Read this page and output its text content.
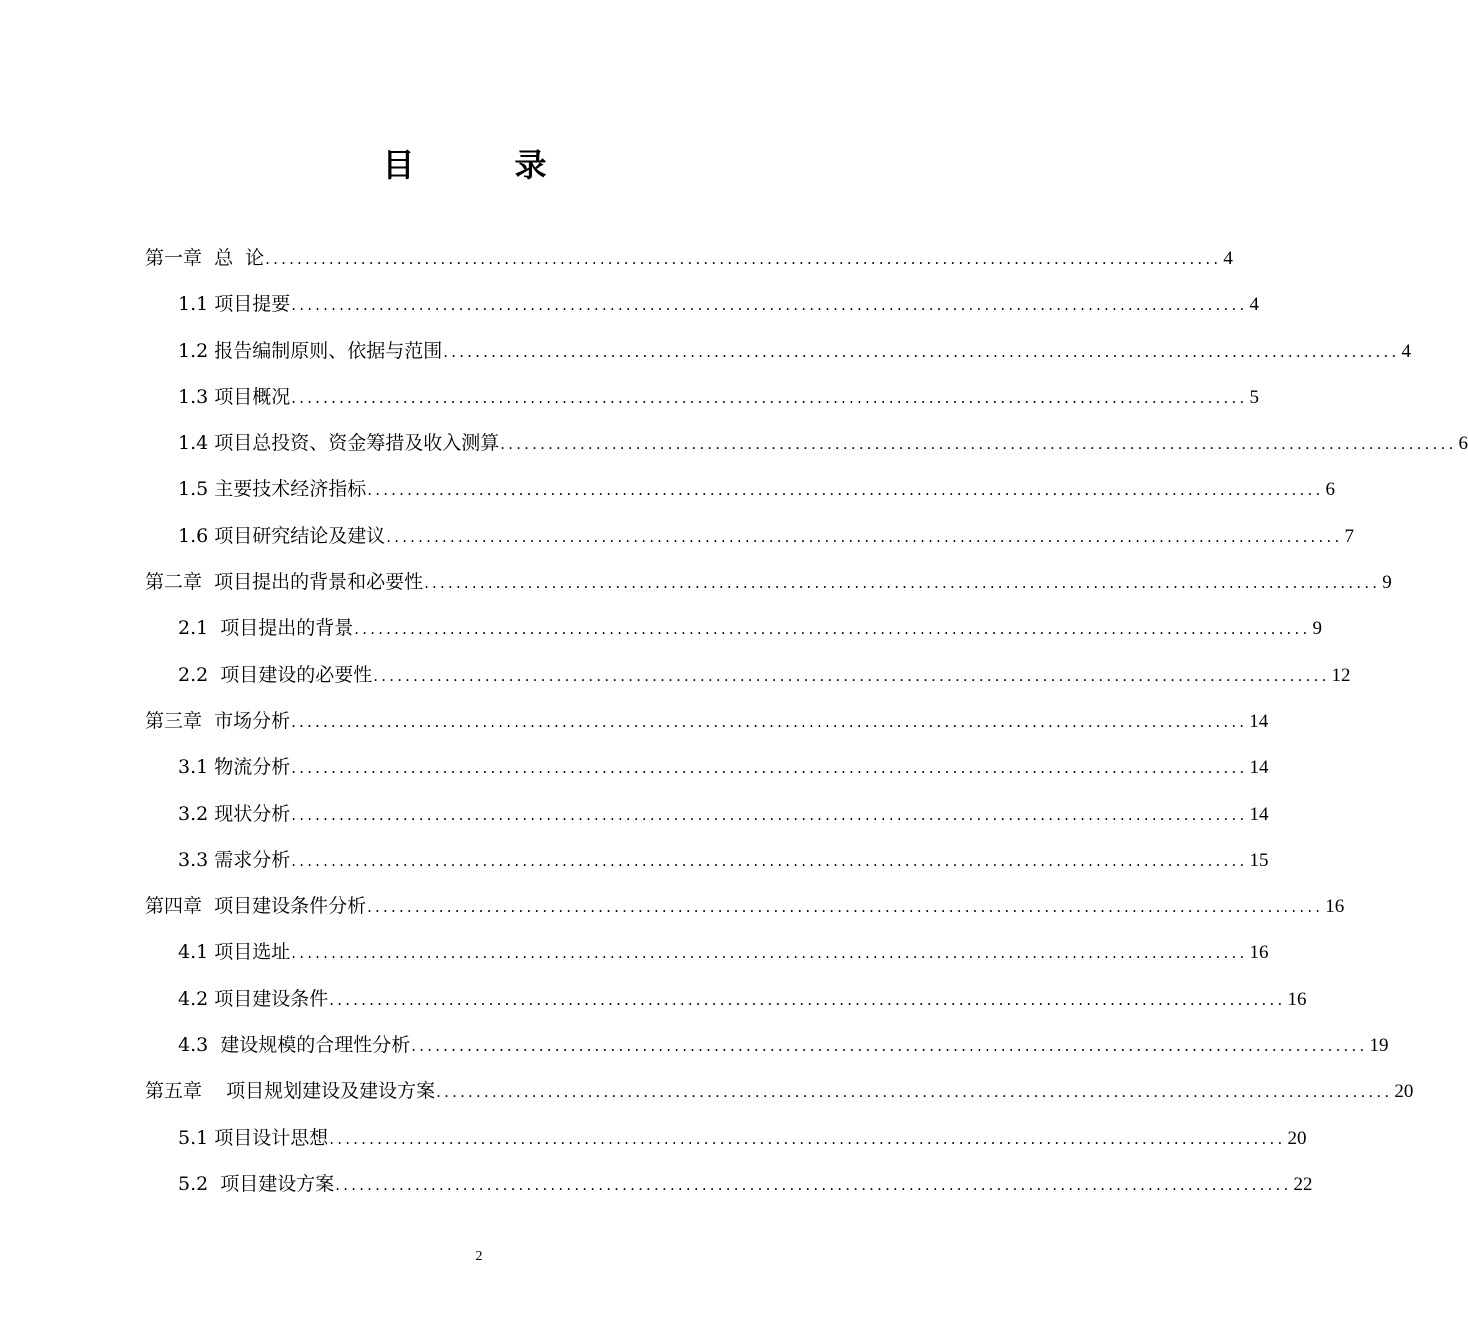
目　录
第一章  总  论 ........................................................................................................................ 4
1.1 项目提要 ........................................................................................................................ 4
1.2 报告编制原则、依据与范围 ........................................................................................................................ 4
1.3 项目概况 ........................................................................................................................ 5
1.4 项目总投资、资金筹措及收入测算 ........................................................................................................................ 6
1.5 主要技术经济指标 ........................................................................................................................ 6
1.6 项目研究结论及建议 ........................................................................................................................ 7
第二章  项目提出的背景和必要性 ........................................................................................................................ 9
2.1  项目提出的背景 ........................................................................................................................ 9
2.2  项目建设的必要性 ........................................................................................................................ 12
第三章  市场分析 ........................................................................................................................ 14
3.1 物流分析 ........................................................................................................................ 14
3.2 现状分析 ........................................................................................................................ 14
3.3 需求分析 ........................................................................................................................ 15
第四章  项目建设条件分析 ........................................................................................................................ 16
4.1 项目选址 ........................................................................................................................ 16
4.2 项目建设条件 ........................................................................................................................ 16
4.3  建设规模的合理性分析 ........................................................................................................................ 19
第五章    项目规划建设及建设方案 ........................................................................................................................ 20
5.1 项目设计思想 ........................................................................................................................ 20
5.2  项目建设方案 ........................................................................................................................ 22
2
